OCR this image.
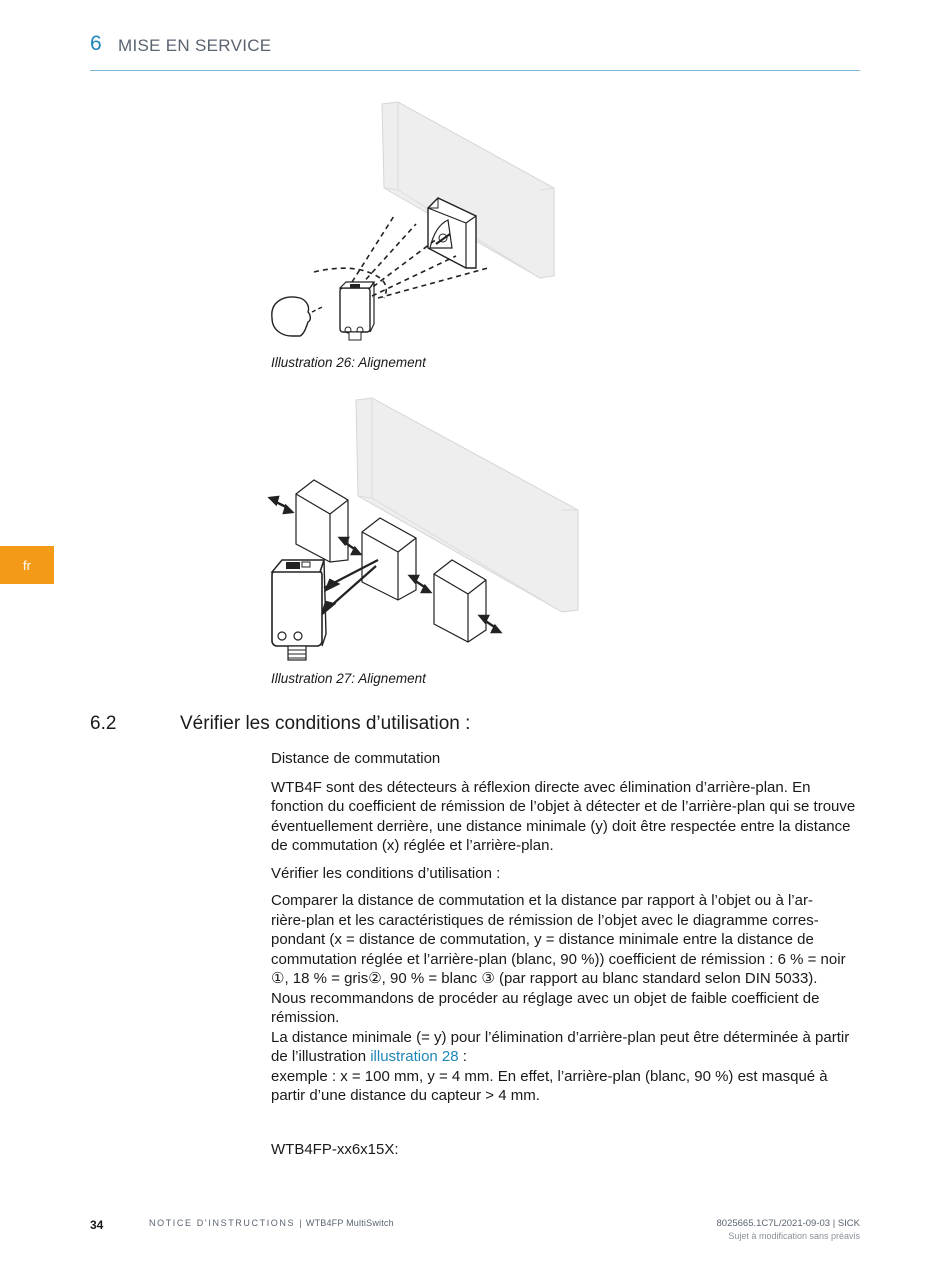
6 MISE EN SERVICE
fr
Illustration 26: Alignement
Illustration 27: Alignement
6.2	Vérifier les conditions d’utilisation :

Distance de commutation

WTB4F sont des détecteurs à réflexion directe avec élimination d’arrière-plan. En fonction du coefficient de rémission de l’objet à détecter et de l’arrière-plan qui se trouve éventuellement derrière, une distance minimale (y) doit être respectée entre la distance de commutation (x) réglée et l’arrière-plan.

Vérifier les conditions d’utilisation :

Comparer la distance de commutation et la distance par rapport à l’objet ou à l’ar-
rière-plan et les caractéristiques de rémission de l’objet avec le diagramme corres-
pondant (x = distance de commutation, y = distance minimale entre la distance de
commutation réglée et l’arrière-plan (blanc, 90 %)) coefficient de rémission : 6 % = noir
①, 18 % = gris②, 90 % = blanc ③ (par rapport au blanc standard selon DIN 5033).
Nous recommandons de procéder au réglage avec un objet de faible coefficient de
rémission.

La distance minimale (= y) pour l’élimination d’arrière-plan peut être déterminée à partir de l’illustration illustration 28 :
exemple : x = 100 mm, y = 4 mm. En effet, l’arrière-plan (blanc, 90 %) est masqué à partir d’une distance du capteur > 4 mm.

WTB4FP-xx6x15X:

34	NOTICE D’INSTRUCTIONS | WTB4FP MultiSwitch	8025665.1C7L/2021-09-03 | SICK
Sujet à modification sans préavis
